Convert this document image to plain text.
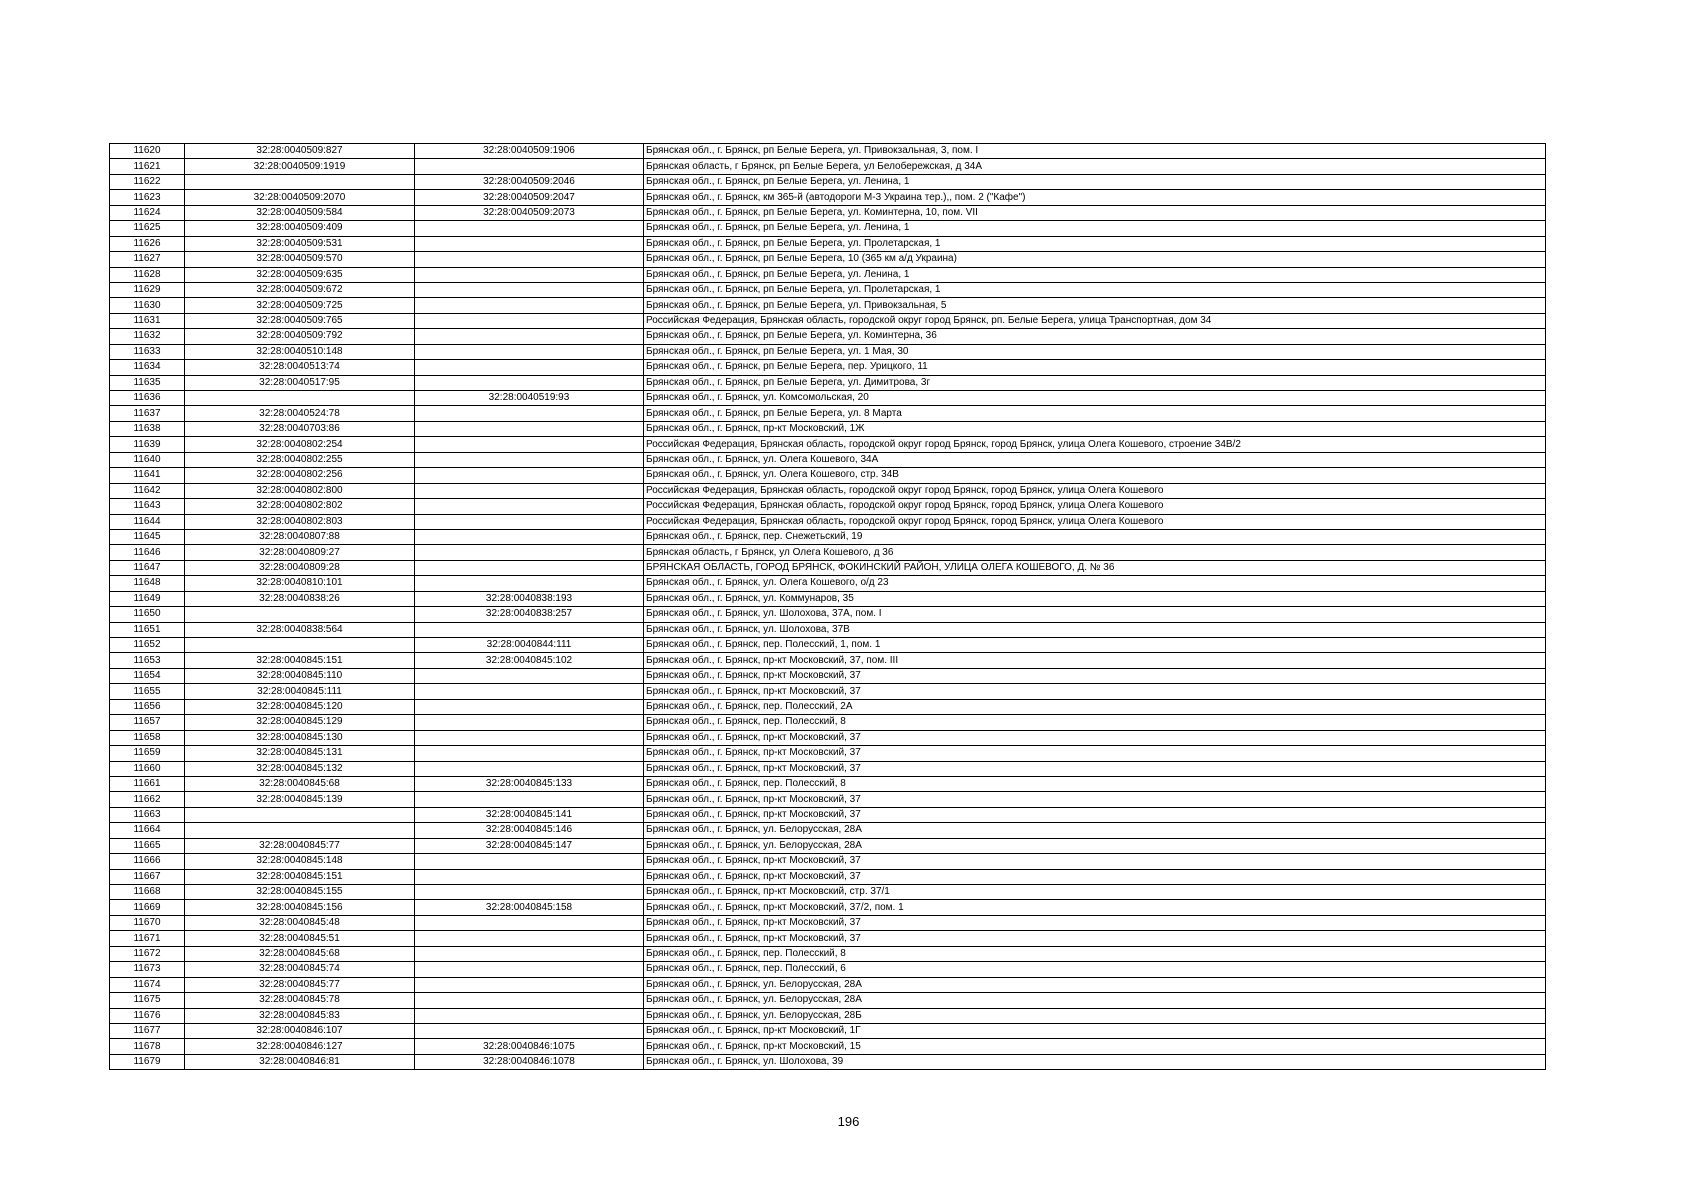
11620	32:28:0040509:827	32:28:0040509:1906	Брянская обл., г. Брянск, рп Белые Берега, ул. Привокзальная, 3, пом. I
11621	32:28:0040509:1919		Брянская область, г Брянск, рп Белые Берега, ул Белобережская, д 34А
11622		32:28:0040509:2046	Брянская обл., г. Брянск, рп Белые Берега, ул. Ленина, 1
11623	32:28:0040509:2070	32:28:0040509:2047	Брянская обл., г. Брянск, км 365-й (автодороги М-3 Украина тер.),, пом. 2 ("Кафе")
11624	32:28:0040509:584	32:28:0040509:2073	Брянская обл., г. Брянск, рп Белые Берега, ул. Коминтерна, 10, пом. VII
11625	32:28:0040509:409		Брянская обл., г. Брянск, рп Белые Берега, ул. Ленина, 1
11626	32:28:0040509:531		Брянская обл., г. Брянск, рп Белые Берега, ул. Пролетарская, 1
11627	32:28:0040509:570		Брянская обл., г. Брянск, рп Белые Берега, 10 (365 км а/д Украина)
11628	32:28:0040509:635		Брянская обл., г. Брянск, рп Белые Берега, ул. Ленина, 1
11629	32:28:0040509:672		Брянская обл., г. Брянск, рп Белые Берега, ул. Пролетарская, 1
11630	32:28:0040509:725		Брянская обл., г. Брянск, рп Белые Берега, ул. Привокзальная, 5
11631	32:28:0040509:765		Российская Федерация, Брянская область, городской округ город Брянск, рп. Белые Берега, улица Транспортная, дом 34
11632	32:28:0040509:792		Брянская обл., г. Брянск, рп Белые Берега, ул. Коминтерна, 36
11633	32:28:0040510:148		Брянская обл., г. Брянск, рп Белые Берега, ул. 1 Мая, 30
11634	32:28:0040513:74		Брянская обл., г. Брянск, рп Белые Берега, пер. Урицкого, 11
11635	32:28:0040517:95		Брянская обл., г. Брянск, рп Белые Берега, ул. Димитрова, 3г
11636		32:28:0040519:93	Брянская обл., г. Брянск, ул. Комсомольская, 20
11637	32:28:0040524:78		Брянская обл., г. Брянск, рп Белые Берега, ул. 8 Марта
11638	32:28:0040703:86		Брянская обл., г. Брянск, пр-кт Московский, 1Ж
11639	32:28:0040802:254		Российская Федерация, Брянская область, городской округ город Брянск, город Брянск, улица Олега Кошевого, строение 34В/2
11640	32:28:0040802:255		Брянская обл., г. Брянск, ул. Олега Кошевого, 34А
11641	32:28:0040802:256		Брянская обл., г. Брянск, ул. Олега Кошевого, стр. 34В
11642	32:28:0040802:800		Российская Федерация, Брянская область, городской округ город Брянск, город Брянск, улица Олега Кошевого
11643	32:28:0040802:802		Российская Федерация, Брянская область, городской округ город Брянск, город Брянск, улица Олега Кошевого
11644	32:28:0040802:803		Российская Федерация, Брянская область, городской округ город Брянск, город Брянск, улица Олега Кошевого
11645	32:28:0040807:88		Брянская обл., г. Брянск, пер. Снежетьский, 19
11646	32:28:0040809:27		Брянская область, г Брянск, ул Олега Кошевого, д 36
11647	32:28:0040809:28		БРЯНСКАЯ ОБЛАСТЬ, ГОРОД БРЯНСК, ФОКИНСКИЙ РАЙОН, УЛИЦА ОЛЕГА КОШЕВОГО, Д. № 36
11648	32:28:0040810:101		Брянская обл., г. Брянск, ул. Олега Кошевого, о/д 23
11649	32:28:0040838:26	32:28:0040838:193	Брянская обл., г. Брянск, ул. Коммунаров, 35
11650		32:28:0040838:257	Брянская обл., г. Брянск, ул. Шолохова, 37А, пом. I
11651	32:28:0040838:564		Брянская обл., г. Брянск, ул. Шолохова, 37В
11652		32:28:0040844:111	Брянская обл., г. Брянск, пер. Полесский, 1, пом. 1
11653	32:28:0040845:151	32:28:0040845:102	Брянская обл., г. Брянск, пр-кт Московский, 37, пом. III
11654	32:28:0040845:110		Брянская обл., г. Брянск, пр-кт Московский, 37
11655	32:28:0040845:111		Брянская обл., г. Брянск, пр-кт Московский, 37
11656	32:28:0040845:120		Брянская обл., г. Брянск, пер. Полесский, 2А
11657	32:28:0040845:129		Брянская обл., г. Брянск, пер. Полесский, 8
11658	32:28:0040845:130		Брянская обл., г. Брянск, пр-кт Московский, 37
11659	32:28:0040845:131		Брянская обл., г. Брянск, пр-кт Московский, 37
11660	32:28:0040845:132		Брянская обл., г. Брянск, пр-кт Московский, 37
11661	32:28:0040845:68	32:28:0040845:133	Брянская обл., г. Брянск, пер. Полесский, 8
11662	32:28:0040845:139		Брянская обл., г. Брянск, пр-кт Московский, 37
11663		32:28:0040845:141	Брянская обл., г. Брянск, пр-кт Московский, 37
11664		32:28:0040845:146	Брянская обл., г. Брянск, ул. Белорусская, 28А
11665	32:28:0040845:77	32:28:0040845:147	Брянская обл., г. Брянск, ул. Белорусская, 28А
11666	32:28:0040845:148		Брянская обл., г. Брянск, пр-кт Московский, 37
11667	32:28:0040845:151		Брянская обл., г. Брянск, пр-кт Московский, 37
11668	32:28:0040845:155		Брянская обл., г. Брянск, пр-кт Московский, стр. 37/1
11669	32:28:0040845:156	32:28:0040845:158	Брянская обл., г. Брянск, пр-кт Московский, 37/2, пом. 1
11670	32:28:0040845:48		Брянская обл., г. Брянск, пр-кт Московский, 37
11671	32:28:0040845:51		Брянская обл., г. Брянск, пр-кт Московский, 37
11672	32:28:0040845:68		Брянская обл., г. Брянск, пер. Полесский, 8
11673	32:28:0040845:74		Брянская обл., г. Брянск, пер. Полесский, 6
11674	32:28:0040845:77		Брянская обл., г. Брянск, ул. Белорусская, 28А
11675	32:28:0040845:78		Брянская обл., г. Брянск, ул. Белорусская, 28А
11676	32:28:0040845:83		Брянская обл., г. Брянск, ул. Белорусская, 28Б
11677	32:28:0040846:107		Брянская обл., г. Брянск, пр-кт Московский, 1Г
11678	32:28:0040846:127	32:28:0040846:1075	Брянская обл., г. Брянск, пр-кт Московский, 15
11679	32:28:0040846:81	32:28:0040846:1078	Брянская обл., г. Брянск, ул. Шолохова, 39
196
